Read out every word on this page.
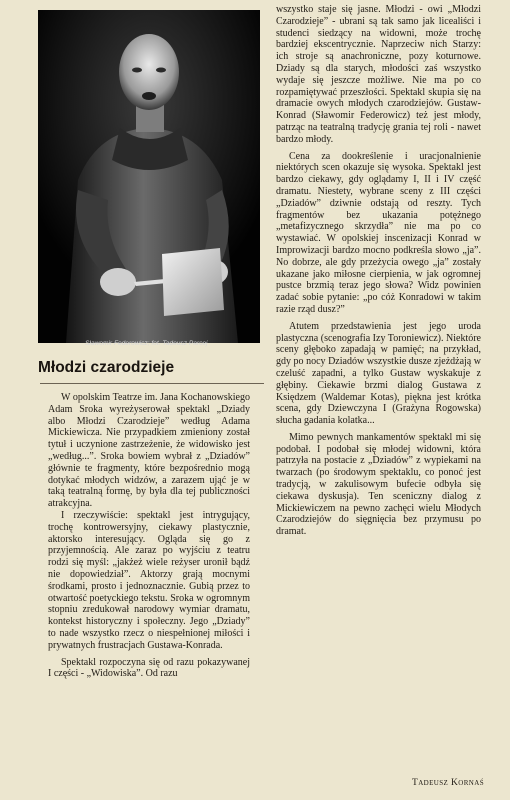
Sławomir Federowicz; fot. Tadeusz Parcej
Młodzi czarodzieje

W opolskim Teatrze im. Jana Kochanowskiego Adam Sroka wyreżyserował spektakl „Dziady albo Młodzi Czarodzieje” według Adama Mickiewicza. Nie przypadkiem zmieniony został tytuł i uczynione zastrzeżenie, że widowisko jest „według...”. Sroka bowiem wybrał z „Dziadów” głównie te fragmenty, które bezpośrednio mogą dotykać młodych widzów, a zarazem ująć je w taką teatralną formę, by była dla tej publiczności atrakcyjna.

I rzeczywiście: spektakl jest intrygujący, trochę kontrowersyjny, ciekawy plastycznie, aktorsko interesujący. Ogląda się go z przyjemnością. Ale zaraz po wyjściu z teatru rodzi się myśl: „jakżeż wiele reżyser uronił bądź nie dopowiedział”. Aktorzy grają mocnymi środkami, prosto i jednoznacznie. Gubią przez to otwartość poetyckiego tekstu. Sroka w ogromnym stopniu zredukował narodowy wymiar dramatu, kontekst historyczny i społeczny. Jego „Dziady” to nade wszystko rzecz o niespełnionej miłości i prywatnych frustracjach Gustawa-Konrada.

Spektakl rozpoczyna się od razu pokazywanej I części - „Widowiska”. Od razu

wszystko staje się jasne. Młodzi - owi „Młodzi Czarodzieje” - ubrani są tak samo jak licealiści i studenci siedzący na widowni, może trochę bardziej ekscentrycznie. Naprzeciw nich Starzy: ich stroje są anachroniczne, pozy koturnowe. Dziady są dla starych, młodości zaś wszystko wydaje się jeszcze możliwe. Nie ma po co rozpamiętywać przeszłości. Spektakl skupia się na dramacie owych młodych czarodziejów. Gustaw-Konrad (Sławomir Federowicz) też jest młody, patrząc na teatralną tradycję grania tej roli - nawet bardzo młody.

Cena za dookreślenie i uracjonalnienie niektórych scen okazuje się wysoka. Spektakl jest bardzo ciekawy, gdy oglądamy I, II i IV część dramatu. Niestety, wybrane sceny z III części „Dziadów” dziwnie odstają od reszty. Tych fragmentów bez ukazania potężnego „metafizycznego skrzydła” nie ma po co wystawiać. W opolskiej inscenizacji Konrad w Improwizacji bardzo mocno podkreśla słowo „ja”. No dobrze, ale gdy przeżycia owego „ja” zostały ukazane jako miłosne cierpienia, w jak ogromnej pustce brzmią teraz jego słowa? Widz powinien zadać sobie pytanie: „po cóż Konradowi w takim razie rząd dusz?”

Atutem przedstawienia jest jego uroda plastyczna (scenografia Izy Toroniewicz). Niektóre sceny głęboko zapadają w pamięć; na przykład, gdy po nocy Dziadów wszystkie dusze zjeżdżają w czeluść zapadni, a tylko Gustaw wyskakuje z głębiny. Ciekawie brzmi dialog Gustawa z Księdzem (Waldemar Kotas), piękna jest krótka scena, gdy Dziewczyna I (Grażyna Rogowska) słucha gadania kolatka...

Mimo pewnych mankamentów spektakl mi się podobał. I podobał się młodej widowni, która patrzyła na postacie z „Dziadów” z wypiekami na twarzach (po środowym spektaklu, co ponoć jest tradycją, w zakulisowym bufecie odbyła się ciekawa dyskusja). Ten sceniczny dialog z Mickiewiczem na pewno zachęci wielu Młodych Czarodziejów do sięgnięcia bez przymusu po dramat.

Tadeusz Kornaś
